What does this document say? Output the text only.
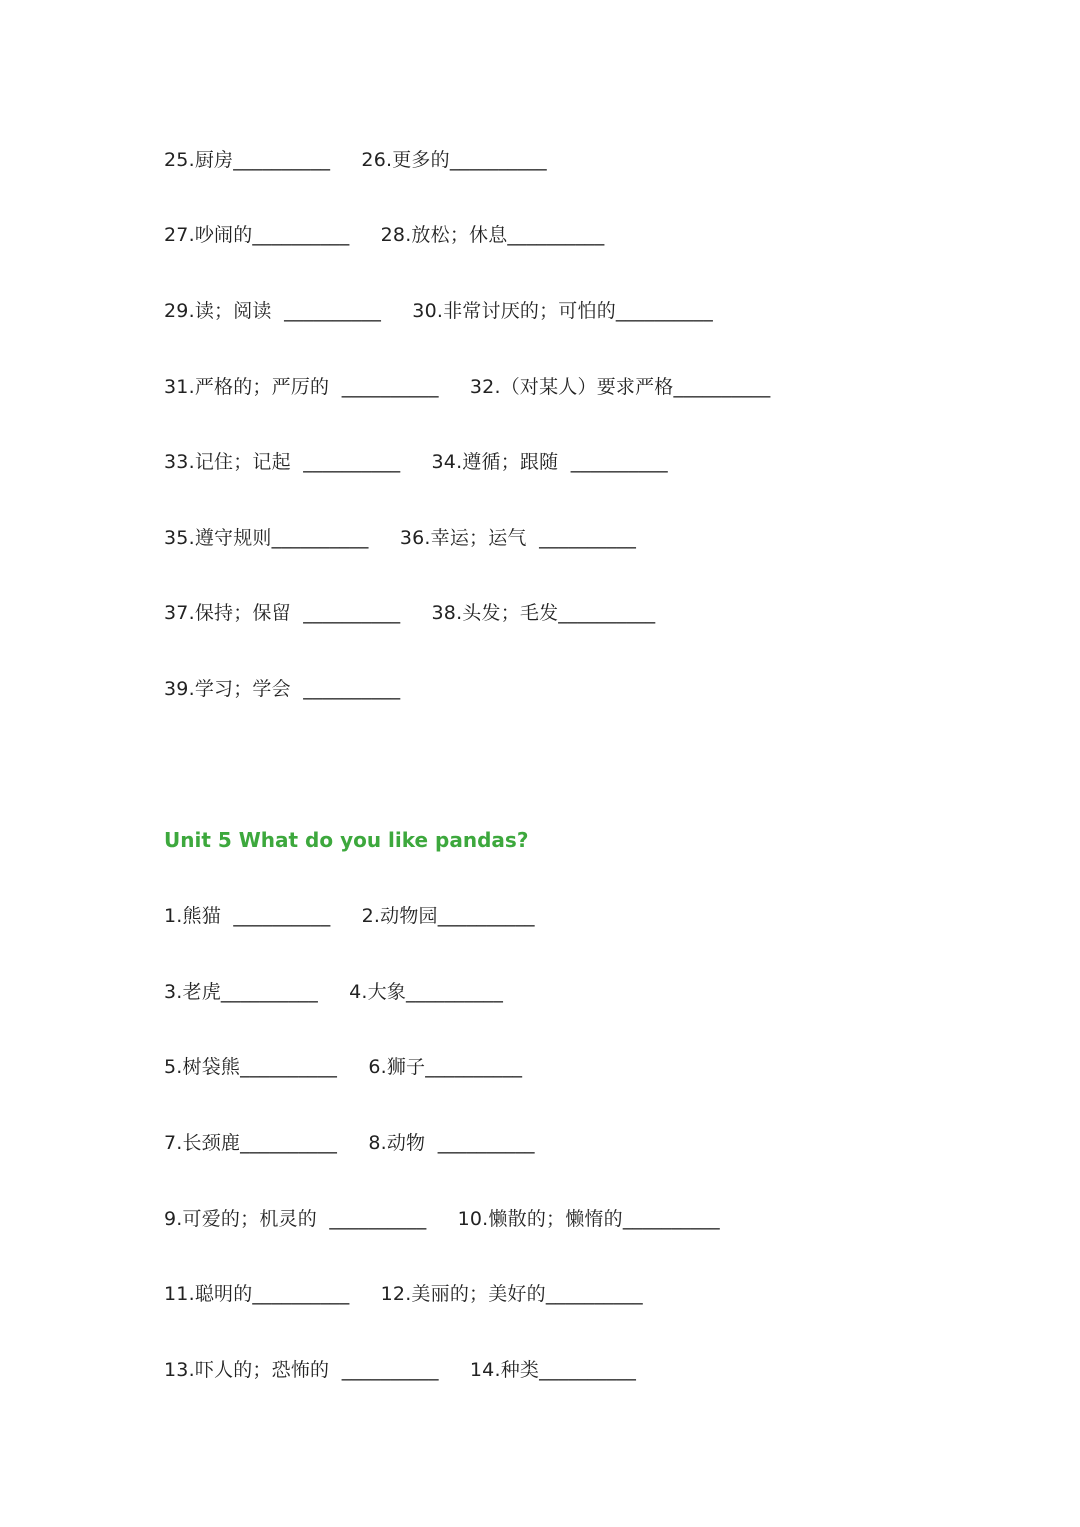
25.厨房__________     26.更多的__________
27.吵闹的__________     28.放松；休息__________
29.读；阅读  __________     30.非常讨厌的；可怕的__________
31.严格的；严厉的  __________     32.（对某人）要求严格__________
33.记住；记起  __________     34.遵循；跟随  __________
35.遵守规则__________     36.幸运；运气  __________
37.保持；保留  __________     38.头发；毛发__________
39.学习；学会  __________
Unit 5 What do you like pandas?
1.熊猫  __________     2.动物园__________
3.老虎__________     4.大象__________
5.树袋熊__________     6.狮子__________
7.长颈鹿__________     8.动物  __________
9.可爱的；机灵的  __________     10.懒散的；懒惰的__________
11.聪明的__________     12.美丽的；美好的__________
13.吓人的；恐怖的  __________     14.种类__________
